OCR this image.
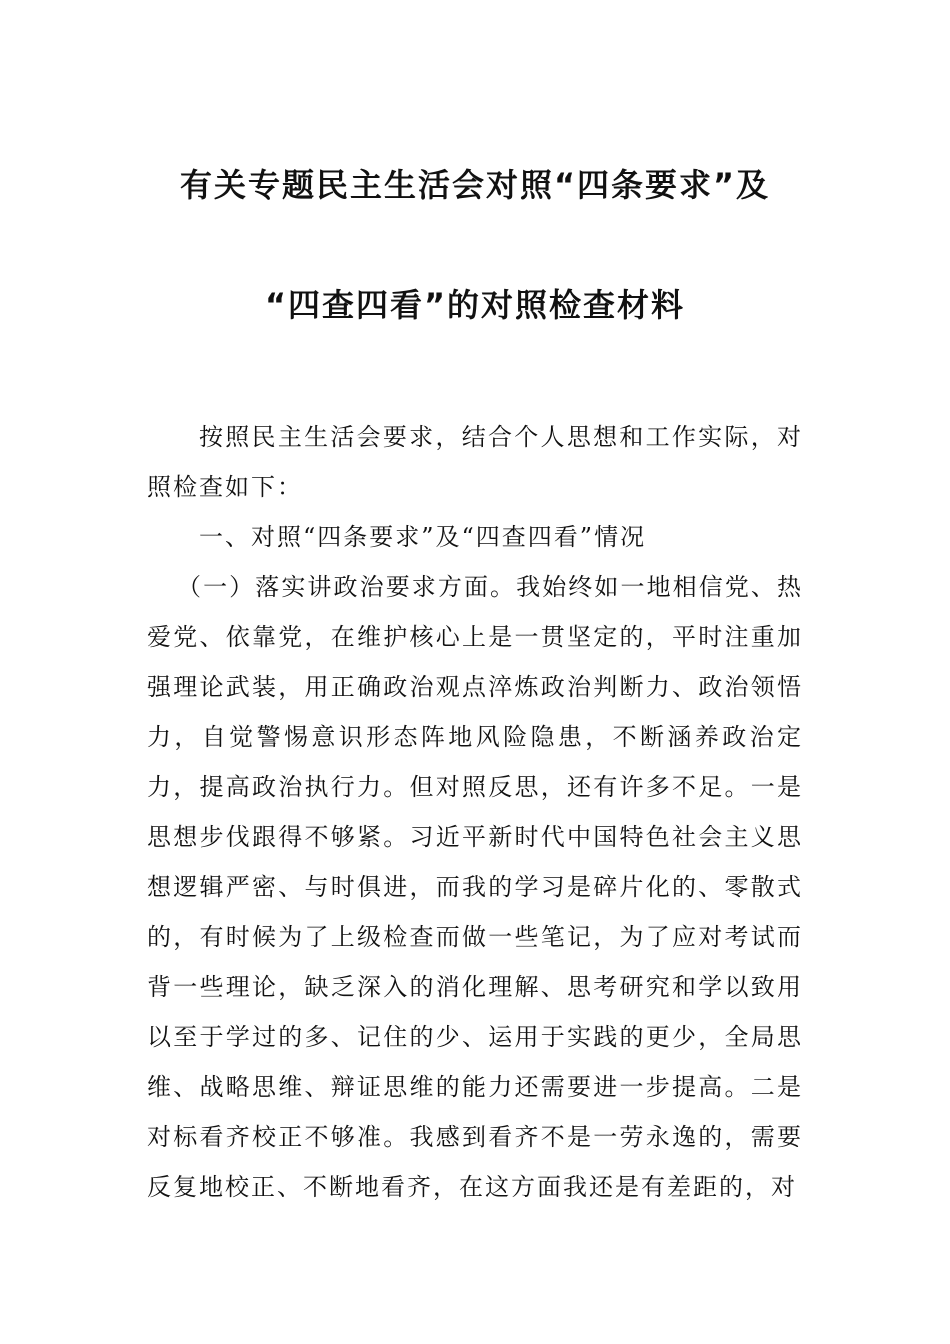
有关专题民主生活会对照“四条要求”及
“四查四看”的对照检查材料

按照民主生活会要求，结合个人思想和工作实际，对照检查如下：

一、对照“四条要求”及“四查四看”情况

（一）落实讲政治要求方面。我始终如一地相信党、热爱党、依靠党，在维护核心上是一贯坚定的，平时注重加强理论武装，用正确政治观点淬炼政治判断力、政治领悟力，自觉警惕意识形态阵地风险隐患，不断涵养政治定力，提高政治执行力。但对照反思，还有许多不足。一是思想步伐跟得不够紧。习近平新时代中国特色社会主义思想逻辑严密、与时俱进，而我的学习是碎片化的、零散式的，有时候为了上级检查而做一些笔记，为了应对考试而背一些理论，缺乏深入的消化理解、思考研究和学以致用以至于学过的多、记住的少、运用于实践的更少，全局思维、战略思维、辩证思维的能力还需要进一步提高。二是对标看齐校正不够准。我感到看齐不是一劳永逸的，需要反复地校正、不断地看齐，在这方面我还是有差距的，对
